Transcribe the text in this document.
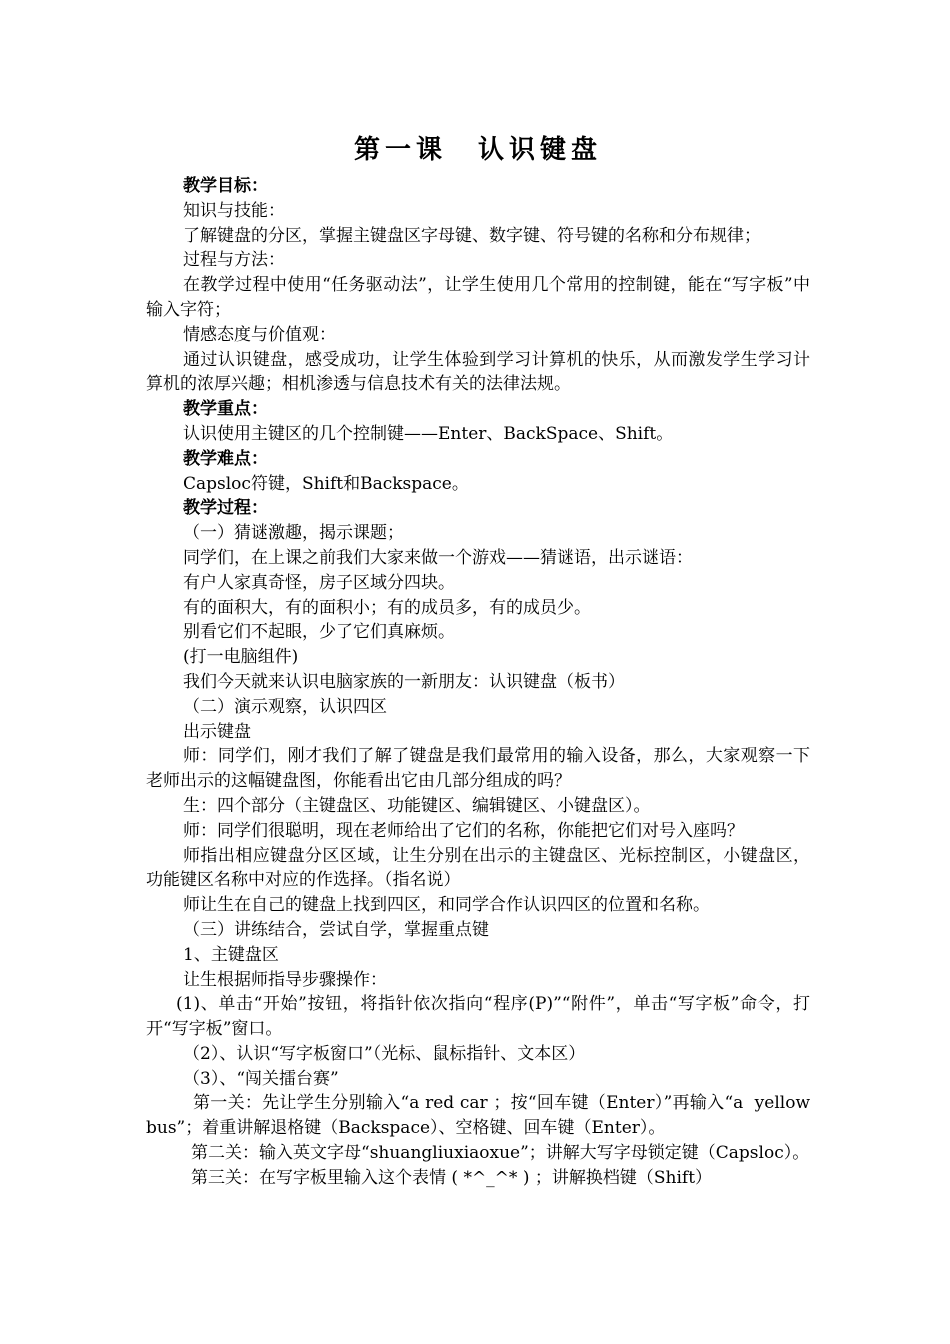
第一课　认识键盘

教学目标：

知识与技能：

了解键盘的分区，掌握主键盘区字母键、数字键、符号键的名称和分布规律；

过程与方法：

在教学过程中使用“任务驱动法”，让学生使用几个常用的控制键，能在“写字板”中输入字符；

情感态度与价值观：

通过认识键盘，感受成功，让学生体验到学习计算机的快乐，从而激发学生学习计算机的浓厚兴趣；相机渗透与信息技术有关的法律法规。

教学重点：

认识使用主键区的几个控制键——Enter、BackSpace、Shift。

教学难点：

Capsloc符键，Shift和Backspace。

教学过程：

（一）猜谜激趣，揭示课题；

同学们，在上课之前我们大家来做一个游戏——猜谜语，出示谜语：

有户人家真奇怪，房子区域分四块。

有的面积大，有的面积小；有的成员多，有的成员少。

别看它们不起眼，少了它们真麻烦。

(打一电脑组件)

我们今天就来认识电脑家族的一新朋友：认识键盘（板书）

（二）演示观察，认识四区

出示键盘

师：同学们，刚才我们了解了键盘是我们最常用的输入设备，那么，大家观察一下老师出示的这幅键盘图，你能看出它由几部分组成的吗？

生：四个部分（主键盘区、功能键区、编辑键区、小键盘区）。

师：同学们很聪明，现在老师给出了它们的名称，你能把它们对号入座吗？

师指出相应键盘分区区域，让生分别在出示的主键盘区、光标控制区，小键盘区，功能键区名称中对应的作选择。（指名说）

师让生在自己的键盘上找到四区，和同学合作认识四区的位置和名称。

（三）讲练结合，尝试自学，掌握重点键

1、主键盘区

让生根据师指导步骤操作：

(1)、单击“开始”按钮，将指针依次指向“程序(P)”“附件”，单击“写字板”命令，打开“写字板”窗口。

（2）、认识“写字板窗口”（光标、鼠标指针、文本区）

（3）、“闯关擂台赛”

第一关：先让学生分别输入“a red car ；按“回车键（Enter）”再输入“a  yellow bus”；着重讲解退格键（Backspace）、空格键、回车键（Enter）。

第二关：输入英文字母“shuangliuxiaoxue”；讲解大写字母锁定键（Capsloc）。

第三关：在写字板里输入这个表情 ( *^_^* ) ；讲解换档键（Shift）
